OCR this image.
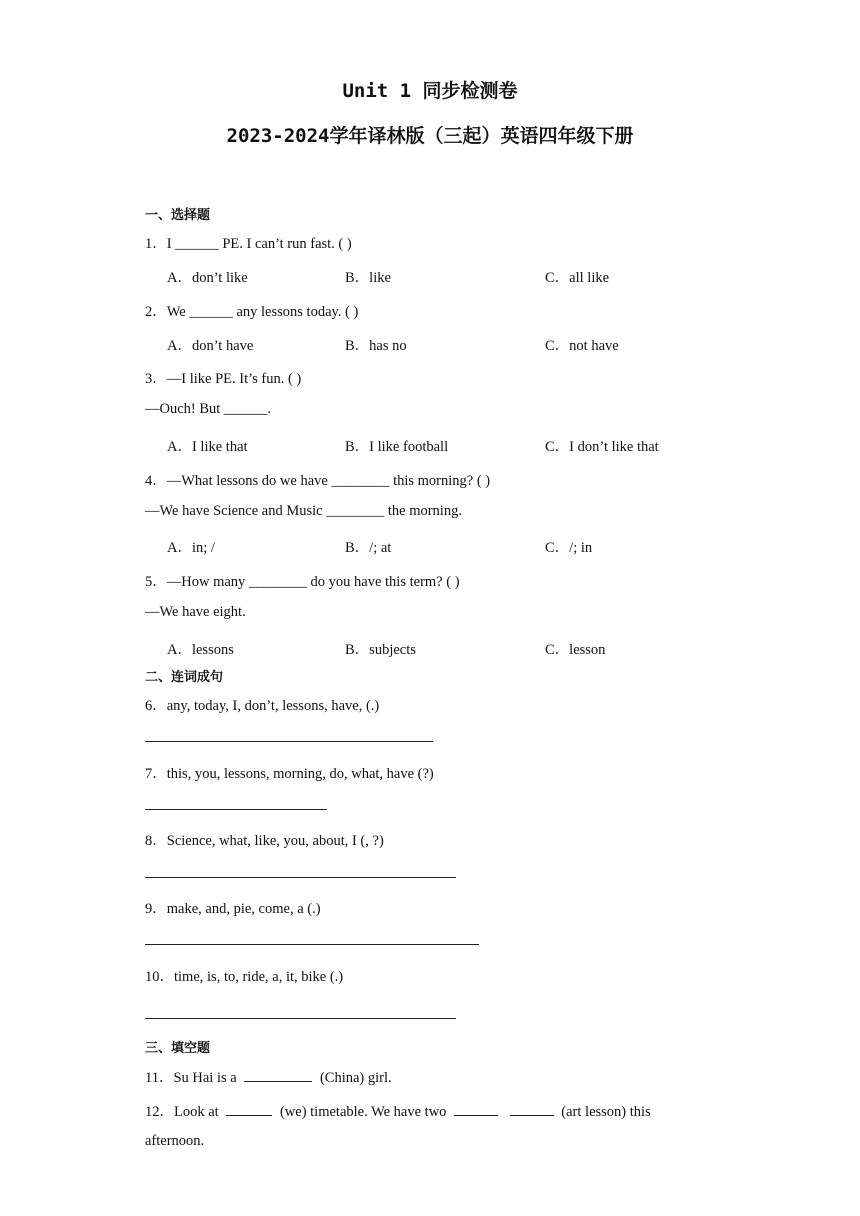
Unit 1 同步检测卷
2023-2024学年译林版（三起）英语四年级下册
一、选择题
1．I ______ PE. I can’t run fast. ( )
A．don’t like	B．like	C．all like
2．We ______ any lessons today. ( )
A．don’t have	B．has no	C．not have
3．—I like PE. It’s fun. ( )
—Ouch! But ______.
A．I like that	B．I like football	C．I don’t like that
4．—What lessons do we have ________ this morning? ( )
—We have Science and Music ________ the morning.
A．in; /	B．/; at	C．/; in
5．—How many ________ do you have this term? ( )
—We have eight.
A．lessons	B．subjects	C．lesson
二、连词成句
6．any, today, I, don’t, lessons, have, (.)
7．this, you, lessons, morning, do, what, have (?)
8．Science, what, like, you, about, I (, ?)
9．make, and, pie, come, a (.)
10．time, is, to, ride, a, it, bike (.)
三、填空题
11．Su Hai is a	(China) girl.
12．Look at	(we) timetable. We have two	(art lesson) this
afternoon.
